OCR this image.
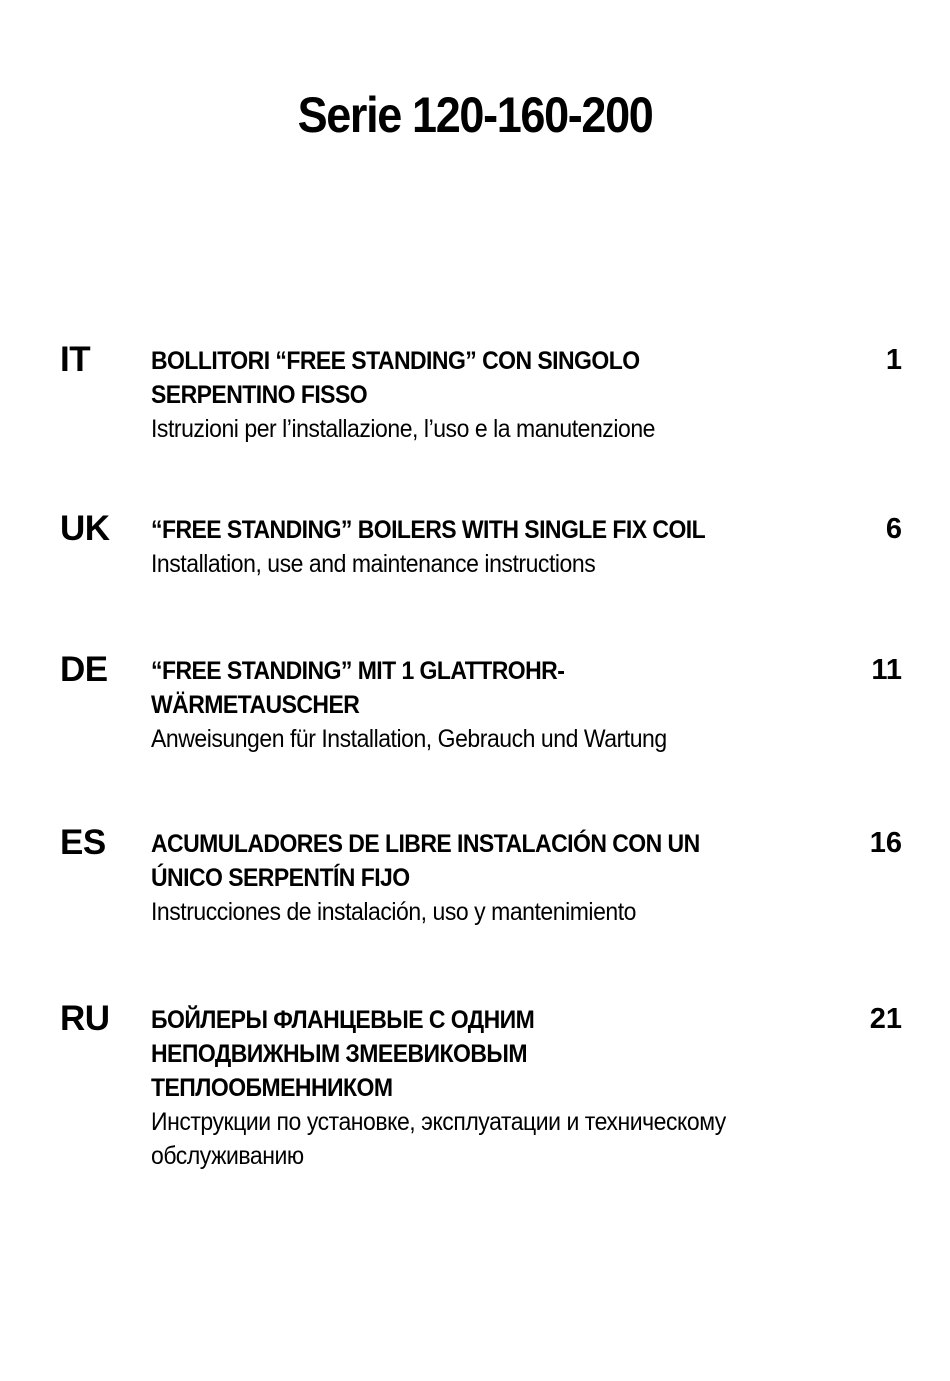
Serie 120-160-200
IT BOLLITORI “FREE STANDING” CON SINGOLO
SERPENTINO FISSO
Istruzioni per l’installazione, l’uso e la manutenzione
1
UK “FREE STANDING” BOILERS WITH SINGLE FIX COIL
Installation, use and maintenance instructions
6
DE “FREE STANDING” MIT 1 GLATTROHR-
WÄRMETAUSCHER
Anweisungen für Installation, Gebrauch und Wartung
11
ES ACUMULADORES DE LIBRE INSTALACIÓN CON UN
ÚNICO SERPENTÍN FIJO
Instrucciones de instalación, uso y mantenimiento
16
RU БОЙЛЕРЫ ФЛАНЦЕВЫЕ С ОДНИМ
НЕПОДВИЖНЫМ ЗМЕЕВИКОВЫМ
ТЕПЛООБМЕННИКОМ
Инструкции по установке, эксплуатации и техническому
обслуживанию
21
